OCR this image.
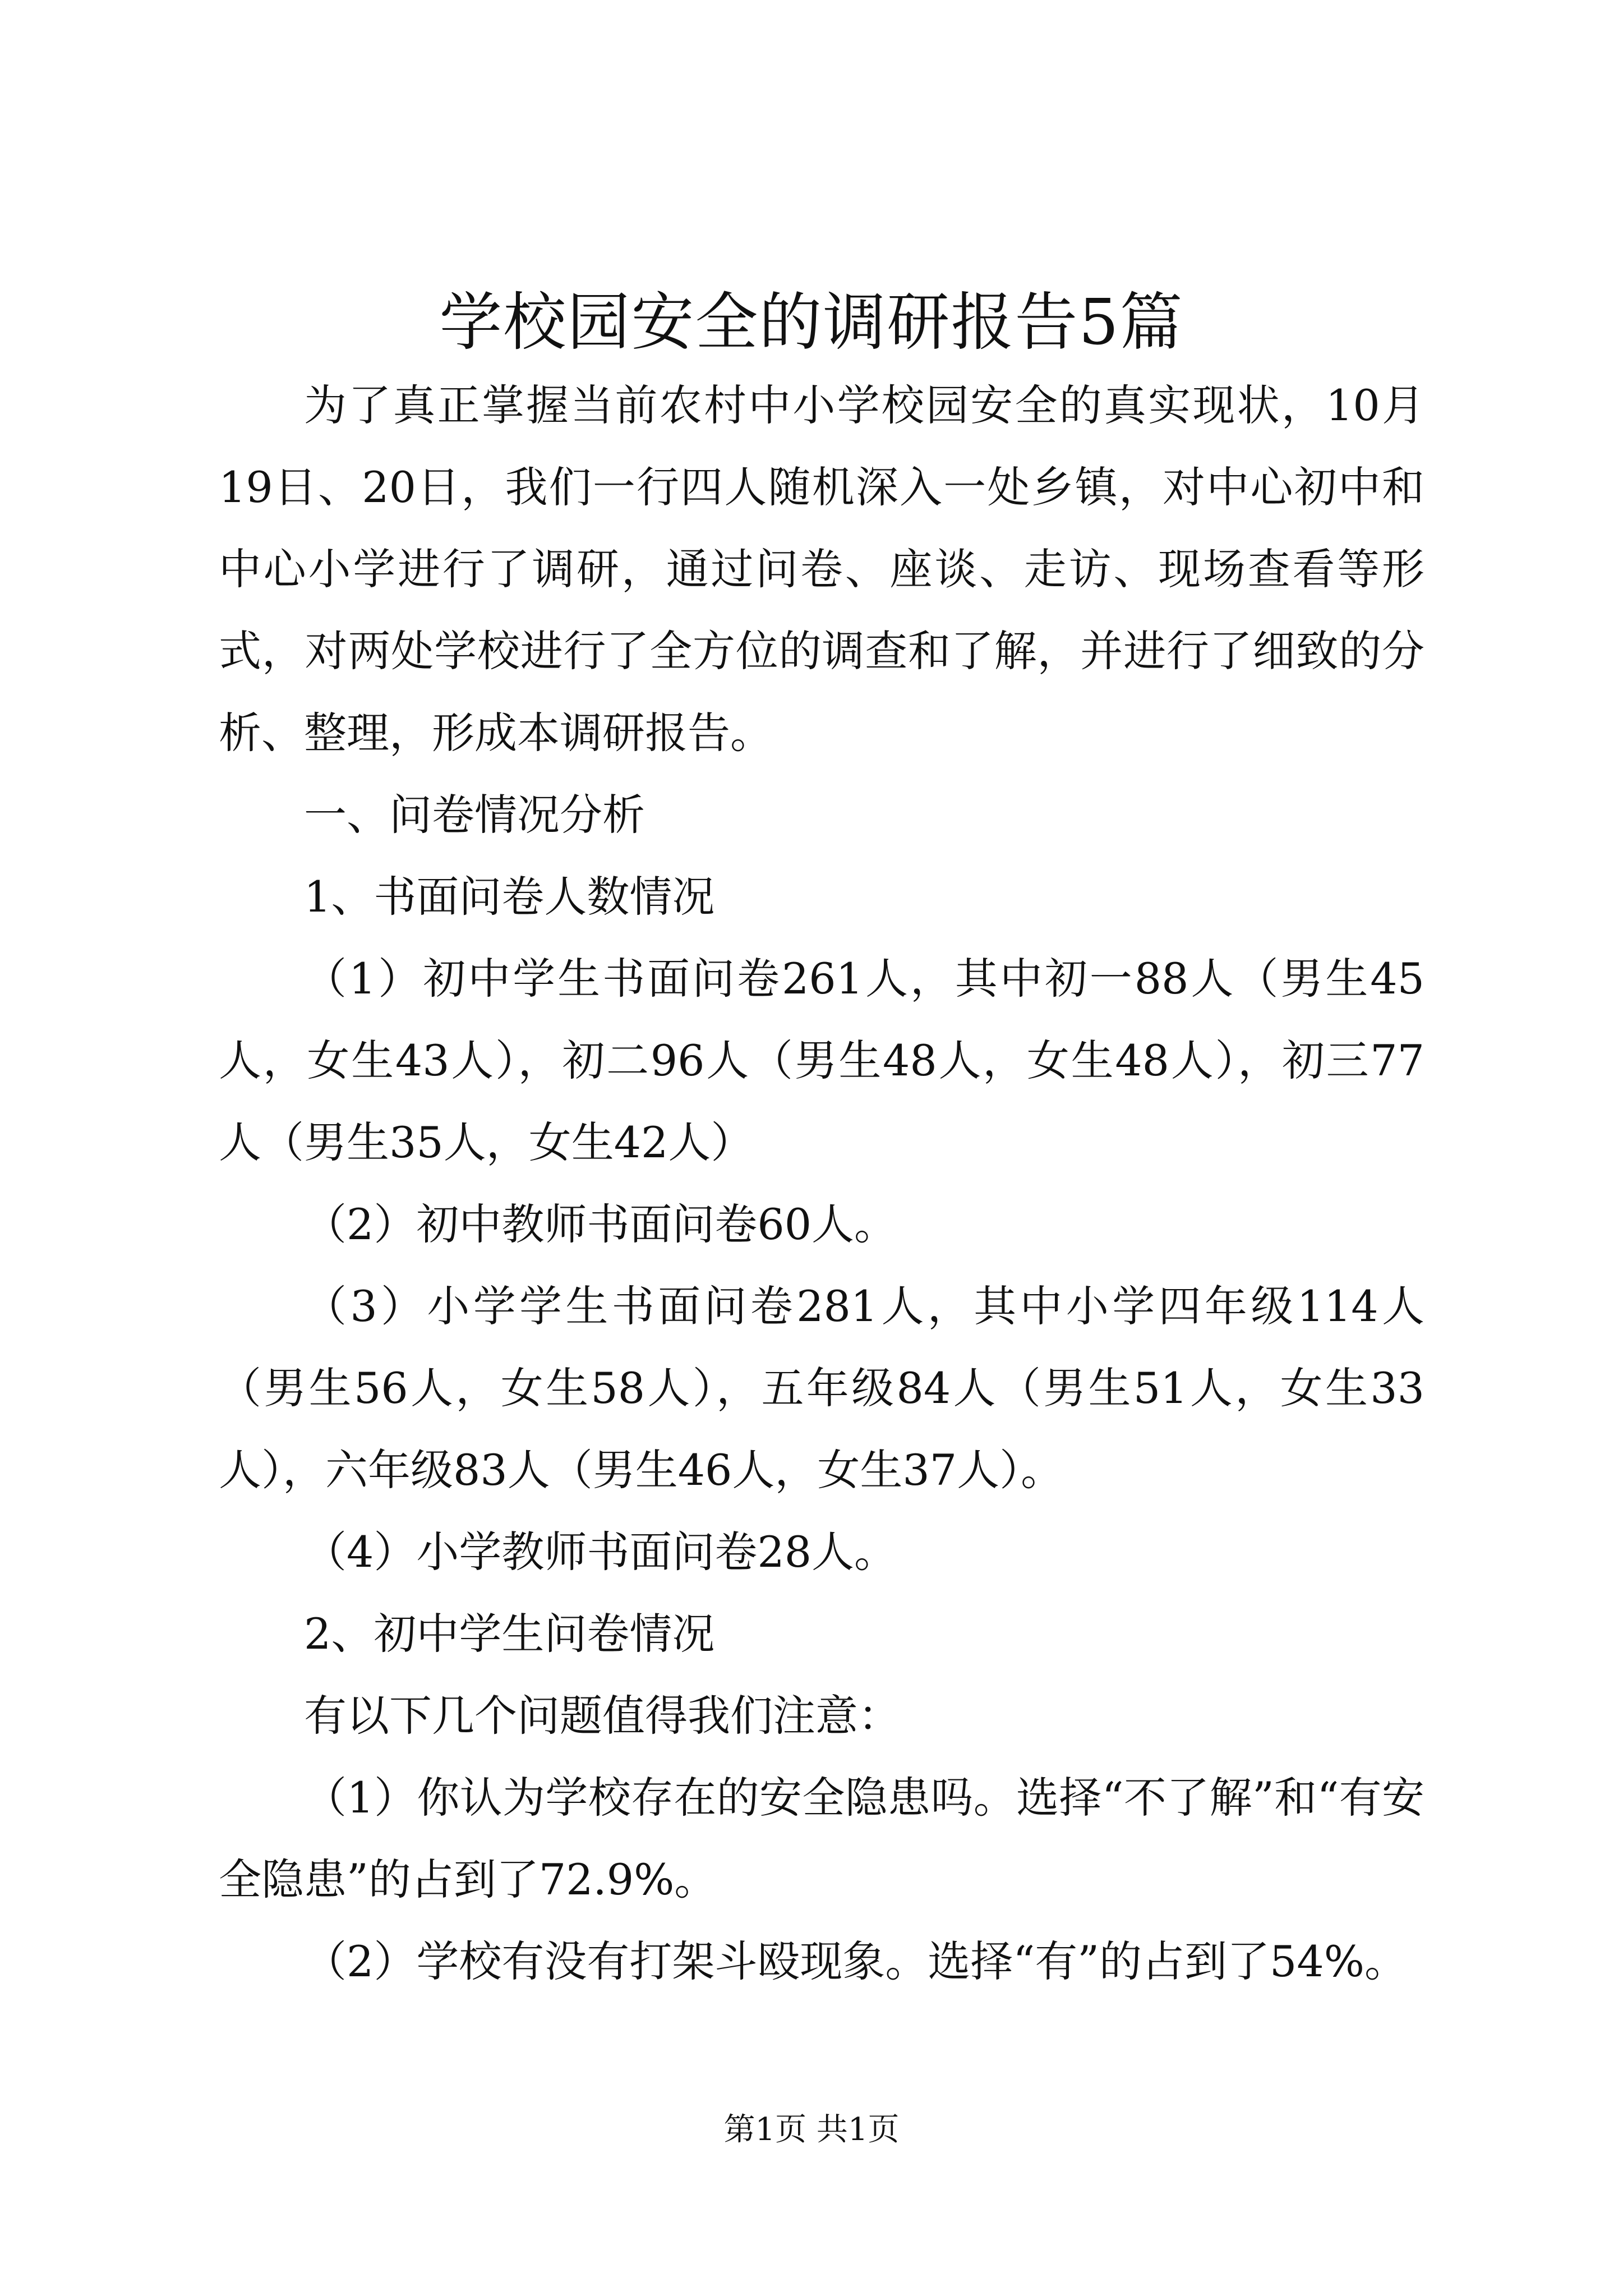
学校园安全的调研报告5篇

为了真正掌握当前农村中小学校园安全的真实现状，10月19日、20日，我们一行四人随机深入一处乡镇，对中心初中和中心小学进行了调研，通过问卷、座谈、走访、现场查看等形式，对两处学校进行了全方位的调查和了解，并进行了细致的分析、整理，形成本调研报告。

一、问卷情况分析

1、书面问卷人数情况

（1）初中学生书面问卷261人，其中初一88人（男生45人，女生43人），初二96人（男生48人，女生48人），初三77人（男生35人，女生42人）

（2）初中教师书面问卷60人。

（3）小学学生书面问卷281人，其中小学四年级114人（男生56人，女生58人），五年级84人（男生51人，女生33人），六年级83人（男生46人，女生37人）。

（4）小学教师书面问卷28人。

2、初中学生问卷情况

有以下几个问题值得我们注意：

（1）你认为学校存在的安全隐患吗。选择“不了解”和“有安全隐患”的占到了72.9%。

（2）学校有没有打架斗殴现象。选择“有”的占到了54%。

第1页 共1页
